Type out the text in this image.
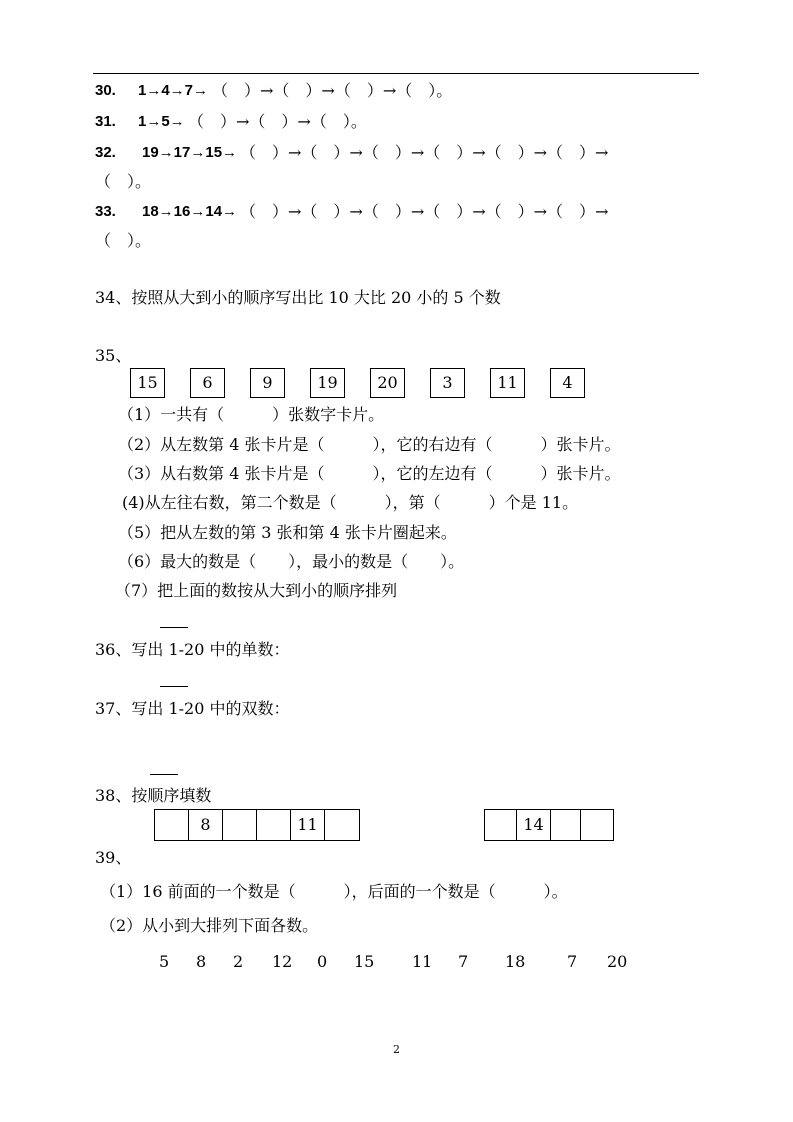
30. 1→4→7→ （　）→（　）→（　）→（　）。
31. 1→5→ （　）→（　）→（　）。
32. 19→17→15→ （　）→（　）→（　）→（　）→（　）→（　）→
（　）。
33. 18→16→14→ （　）→（　）→（　）→（　）→（　）→（　）→
（　）。
34、按照从大到小的顺序写出比 10 大比 20 小的 5 个数
35、
15	6	9	19	20	3	11	4
（1）一共有（　　　）张数字卡片。
（2）从左数第 4 张卡片是（　　　），它的右边有（　　　）张卡片。
（3）从右数第 4 张卡片是（　　　），它的左边有（　　　）张卡片。
(4)从左往右数，第二个数是（　　　），第（　　　）个是 11。
（5）把从左数的第 3 张和第 4 张卡片圈起来。
（6）最大的数是（　　），最小的数是（　　）。
（7）把上面的数按从大到小的顺序排列
36、写出 1-20 中的单数：
37、写出 1-20 中的双数：
38、按顺序填数
8	11	14
39、
（1）16 前面的一个数是（　　　），后面的一个数是（　　　）。
（2）从小到大排列下面各数。
5 8 2 12 0 15 11 7 18	7 20
2
